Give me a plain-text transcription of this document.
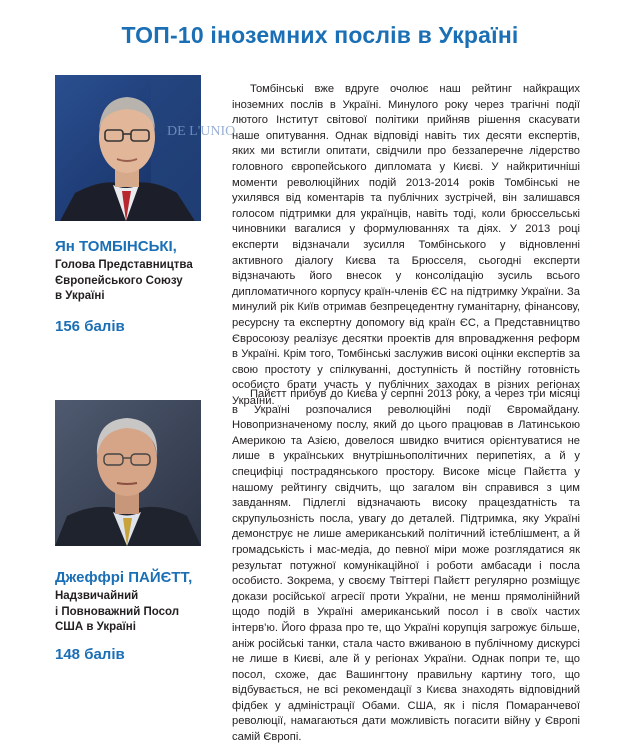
ТОП-10 іноземних послів в Україні
DE L'UNIO
Ян ТОМБІНСЬКІ,
Голова Представництва
Європейського Союзу
в Україні
156 балів

Томбінські вже вдруге очолює наш рейтинг найкращих іноземних послів в Україні. Минулого року через трагічні події лютого Інститут світової політики прийняв рішення скасувати наше опитування. Однак відповіді навіть тих десяти експертів, яких ми встигли опитати, свідчили про беззаперечне лідерство головного європейського дипломата у Києві. У найкритичніші моменти революційних подій 2013-2014 років Томбінські не ухилявся від коментарів та публічних зустрічей, він залишався голосом підтримки для українців, навіть тоді, коли брюссельські чиновники вагалися у формулюваннях та діях. У 2013 році експерти відзначали зусилля Томбінського у відновленні активного діалогу Києва та Брюсселя, сьогодні експерти відзначають його внесок у консолідацію зусиль всього дипломатичного корпусу країн-членів ЄС на підтримку України. За минулий рік Київ отримав безпрецедентну гуманітарну, фінансову, ресурсну та експертну допомогу від країн ЄС, а Представництво Євросоюзу реалізує десятки проектів для впровадження реформ в Україні. Крім того, Томбінські заслужив високі оцінки експертів за свою простоту у спілкуванні, доступність й постійну готовність особисто брати участь у публічних заходах в різних регіонах України.

Джеффрі ПАЙЄТТ,
Надзвичайний
і Повноважний Посол
США в Україні
148 балів

Пайєтт прибув до Києва у серпні 2013 року, а через три місяці в Україні розпочалися революційні події Євромайдану. Новопризначеному послу, який до цього працював в Латинською Америкою та Азією, довелося швидко вчитися орієнтуватися не лише в українських внутрішньополітичних перипетіях, а й у специфіці пострадянського простору. Високе місце Пайєтта у нашому рейтингу свідчить, що загалом він справився з цим завданням. Підлеглі відзначають високу працездатність та скрупульозність посла, увагу до деталей. Підтримка, яку Україні демонструє не лише американський політичний істеблішмент, а й громадськість і мас-медіа, до певної міри може розглядатися як результат потужної комунікаційної і роботи амбасади і посла особисто. Зокрема, у своєму Твіттері Пайєтт регулярно розміщує докази російської агресії проти України, не менш прямолінійний щодо подій в Україні американський посол і в своїх частих інтерв’ю. Його фраза про те, що Україні корупція загрожує більше, аніж російські танки, стала часто вживаною в публічному дискурсі не лише в Києві, але й у регіонах України. Однак попри те, що посол, схоже, дає Вашингтону правильну картину того, що відбувається, не всі рекомендації з Києва знаходять відповідний фідбек у адміністрації Обами. США, як і після Помаранчевої революції, намагаються дати можливість погасити війну у Європі самій Європі.
